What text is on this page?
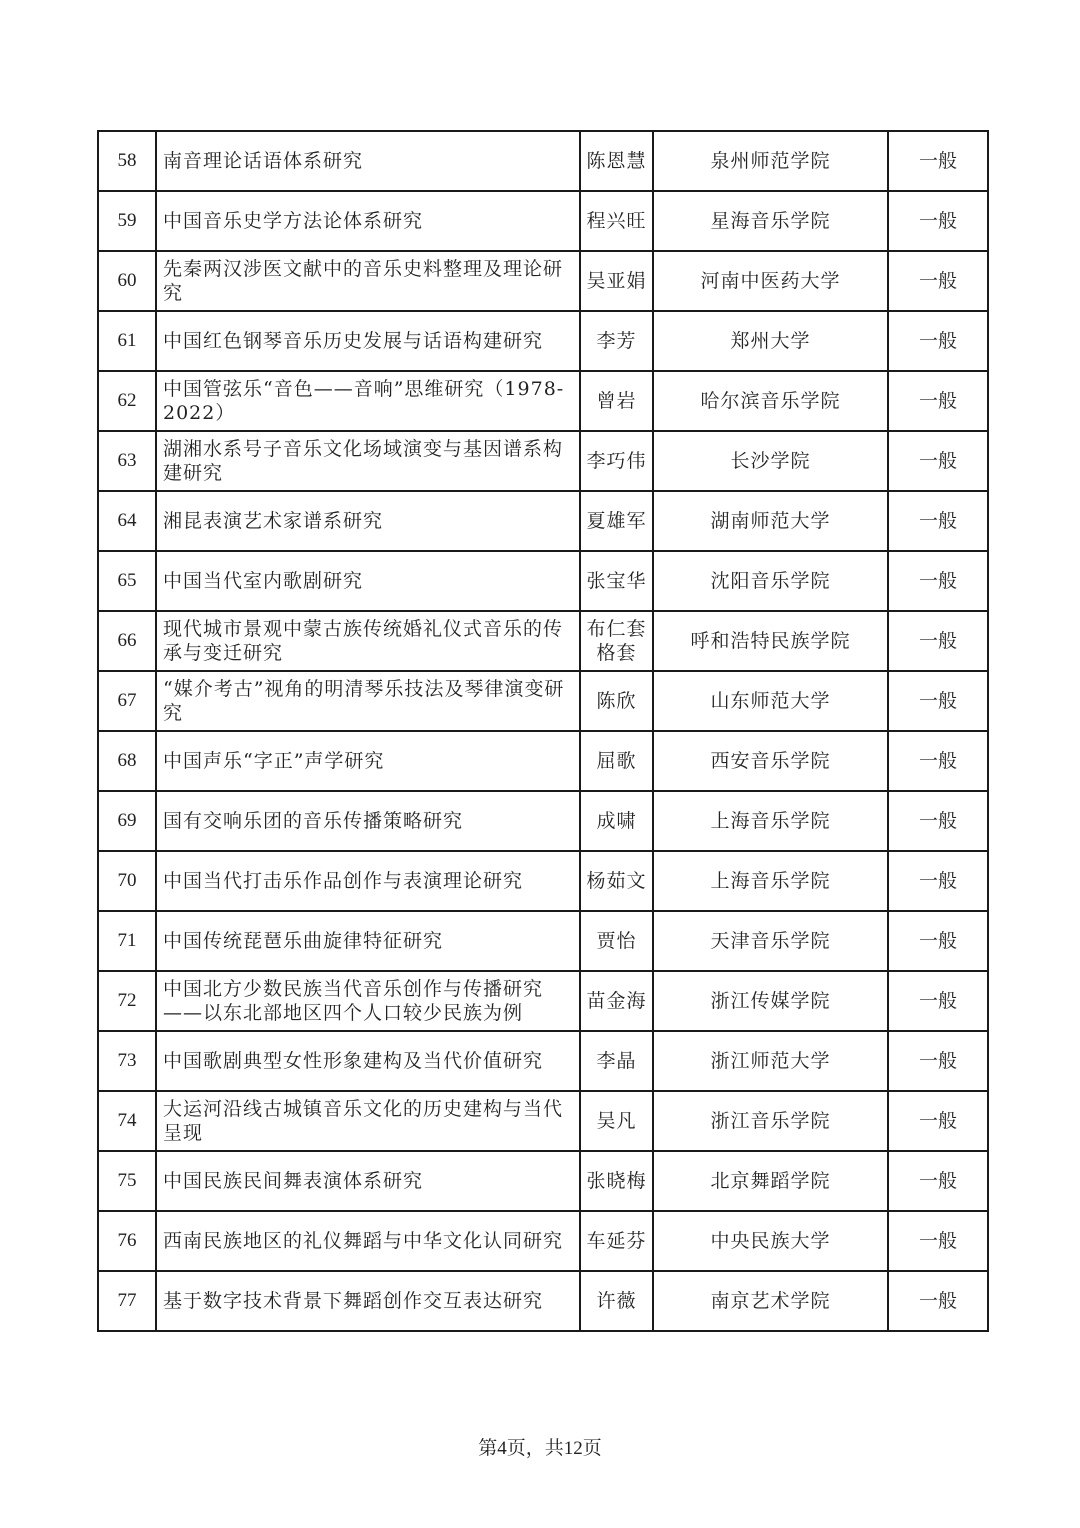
58	南音理论话语体系研究	陈恩慧	泉州师范学院	一般
59	中国音乐史学方法论体系研究	程兴旺	星海音乐学院	一般
60	先秦两汉涉医文献中的音乐史料整理及理论研究	吴亚娟	河南中医药大学	一般
61	中国红色钢琴音乐历史发展与话语构建研究	李芳	郑州大学	一般
62	中国管弦乐“音色——音响”思维研究（1978-2022）	曾岩	哈尔滨音乐学院	一般
63	湖湘水系号子音乐文化场域演变与基因谱系构建研究	李巧伟	长沙学院	一般
64	湘昆表演艺术家谱系研究	夏雄军	湖南师范大学	一般
65	中国当代室内歌剧研究	张宝华	沈阳音乐学院	一般
66	现代城市景观中蒙古族传统婚礼仪式音乐的传承与变迁研究	布仁套格套	呼和浩特民族学院	一般
67	“媒介考古”视角的明清琴乐技法及琴律演变研究	陈欣	山东师范大学	一般
68	中国声乐“字正”声学研究	屈歌	西安音乐学院	一般
69	国有交响乐团的音乐传播策略研究	成啸	上海音乐学院	一般
70	中国当代打击乐作品创作与表演理论研究	杨茹文	上海音乐学院	一般
71	中国传统琵琶乐曲旋律特征研究	贾怡	天津音乐学院	一般
72	中国北方少数民族当代音乐创作与传播研究——以东北部地区四个人口较少民族为例	苗金海	浙江传媒学院	一般
73	中国歌剧典型女性形象建构及当代价值研究	李晶	浙江师范大学	一般
74	大运河沿线古城镇音乐文化的历史建构与当代呈现	吴凡	浙江音乐学院	一般
75	中国民族民间舞表演体系研究	张晓梅	北京舞蹈学院	一般
76	西南民族地区的礼仪舞蹈与中华文化认同研究	车延芬	中央民族大学	一般
77	基于数字技术背景下舞蹈创作交互表达研究	许薇	南京艺术学院	一般
第4页，共12页
